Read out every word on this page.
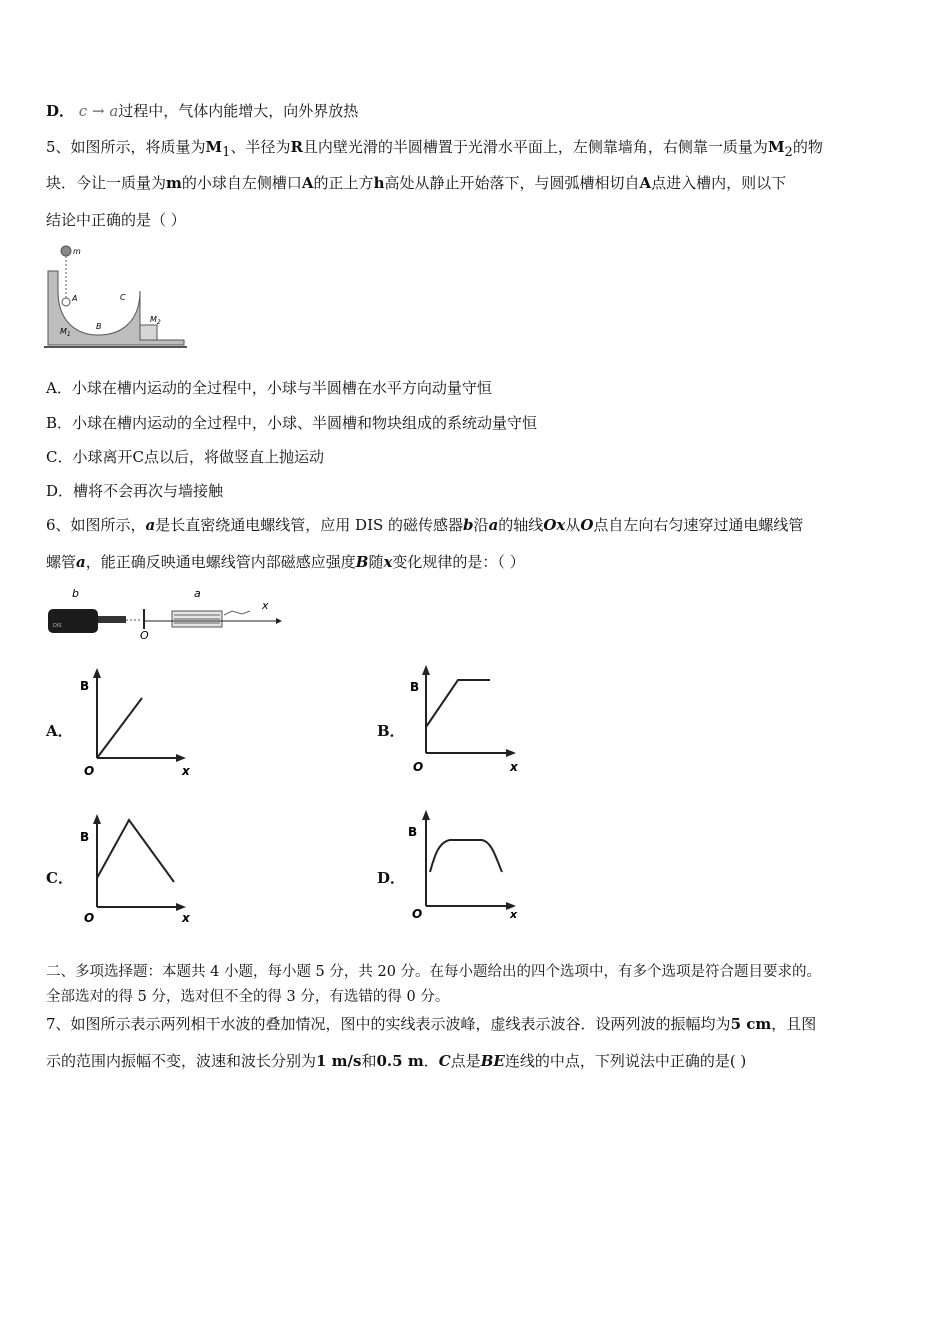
D． c → a过程中，气体内能增大，向外界放热
5、如图所示，将质量为$M_1$、半径为R且内壁光滑的半圆槽置于光滑水平面上，左侧靠墙角，右侧靠一质量为$M_2$的物
块．今让一质量为m的小球自左侧槽口A的正上方h高处从静止开始落下，与圆弧槽相切自A点进入槽内，则以下
结论中正确的是（ ）
m
A
B
C
$M_1$
$M_2$
A．小球在槽内运动的全过程中，小球与半圆槽在水平方向动量守恒
B．小球在槽内运动的全过程中，小球、半圆槽和物块组成的系统动量守恒
C．小球离开C点以后，将做竖直上抛运动
D．槽将不会再次与墙接触
6、如图所示，a是长直密绕通电螺线管，应用 DIS 的磁传感器b沿a的轴线Ox从O点自左向右匀速穿过通电螺线管
螺管a，能正确反映通电螺线管内部磁感应强度B随x变化规律的是：（ ）
b
DIS
O
a
x
A．
B
x
O
B．
B
x
O
C．
B
x
O
D．
B
x
O
二、多项选择题：本题共 4 小题，每小题 5 分，共 20 分。在每小题给出的四个选项中，有多个选项是符合题目要求的。
全部选对的得 5 分，选对但不全的得 3 分，有选错的得 0 分。
7、如图所示表示两列相干水波的叠加情况，图中的实线表示波峰，虚线表示波谷．设两列波的振幅均为5 cm，且图
示的范围内振幅不变，波速和波长分别为1 m/s和0.5 m．C点是BE连线的中点，下列说法中正确的是( )
